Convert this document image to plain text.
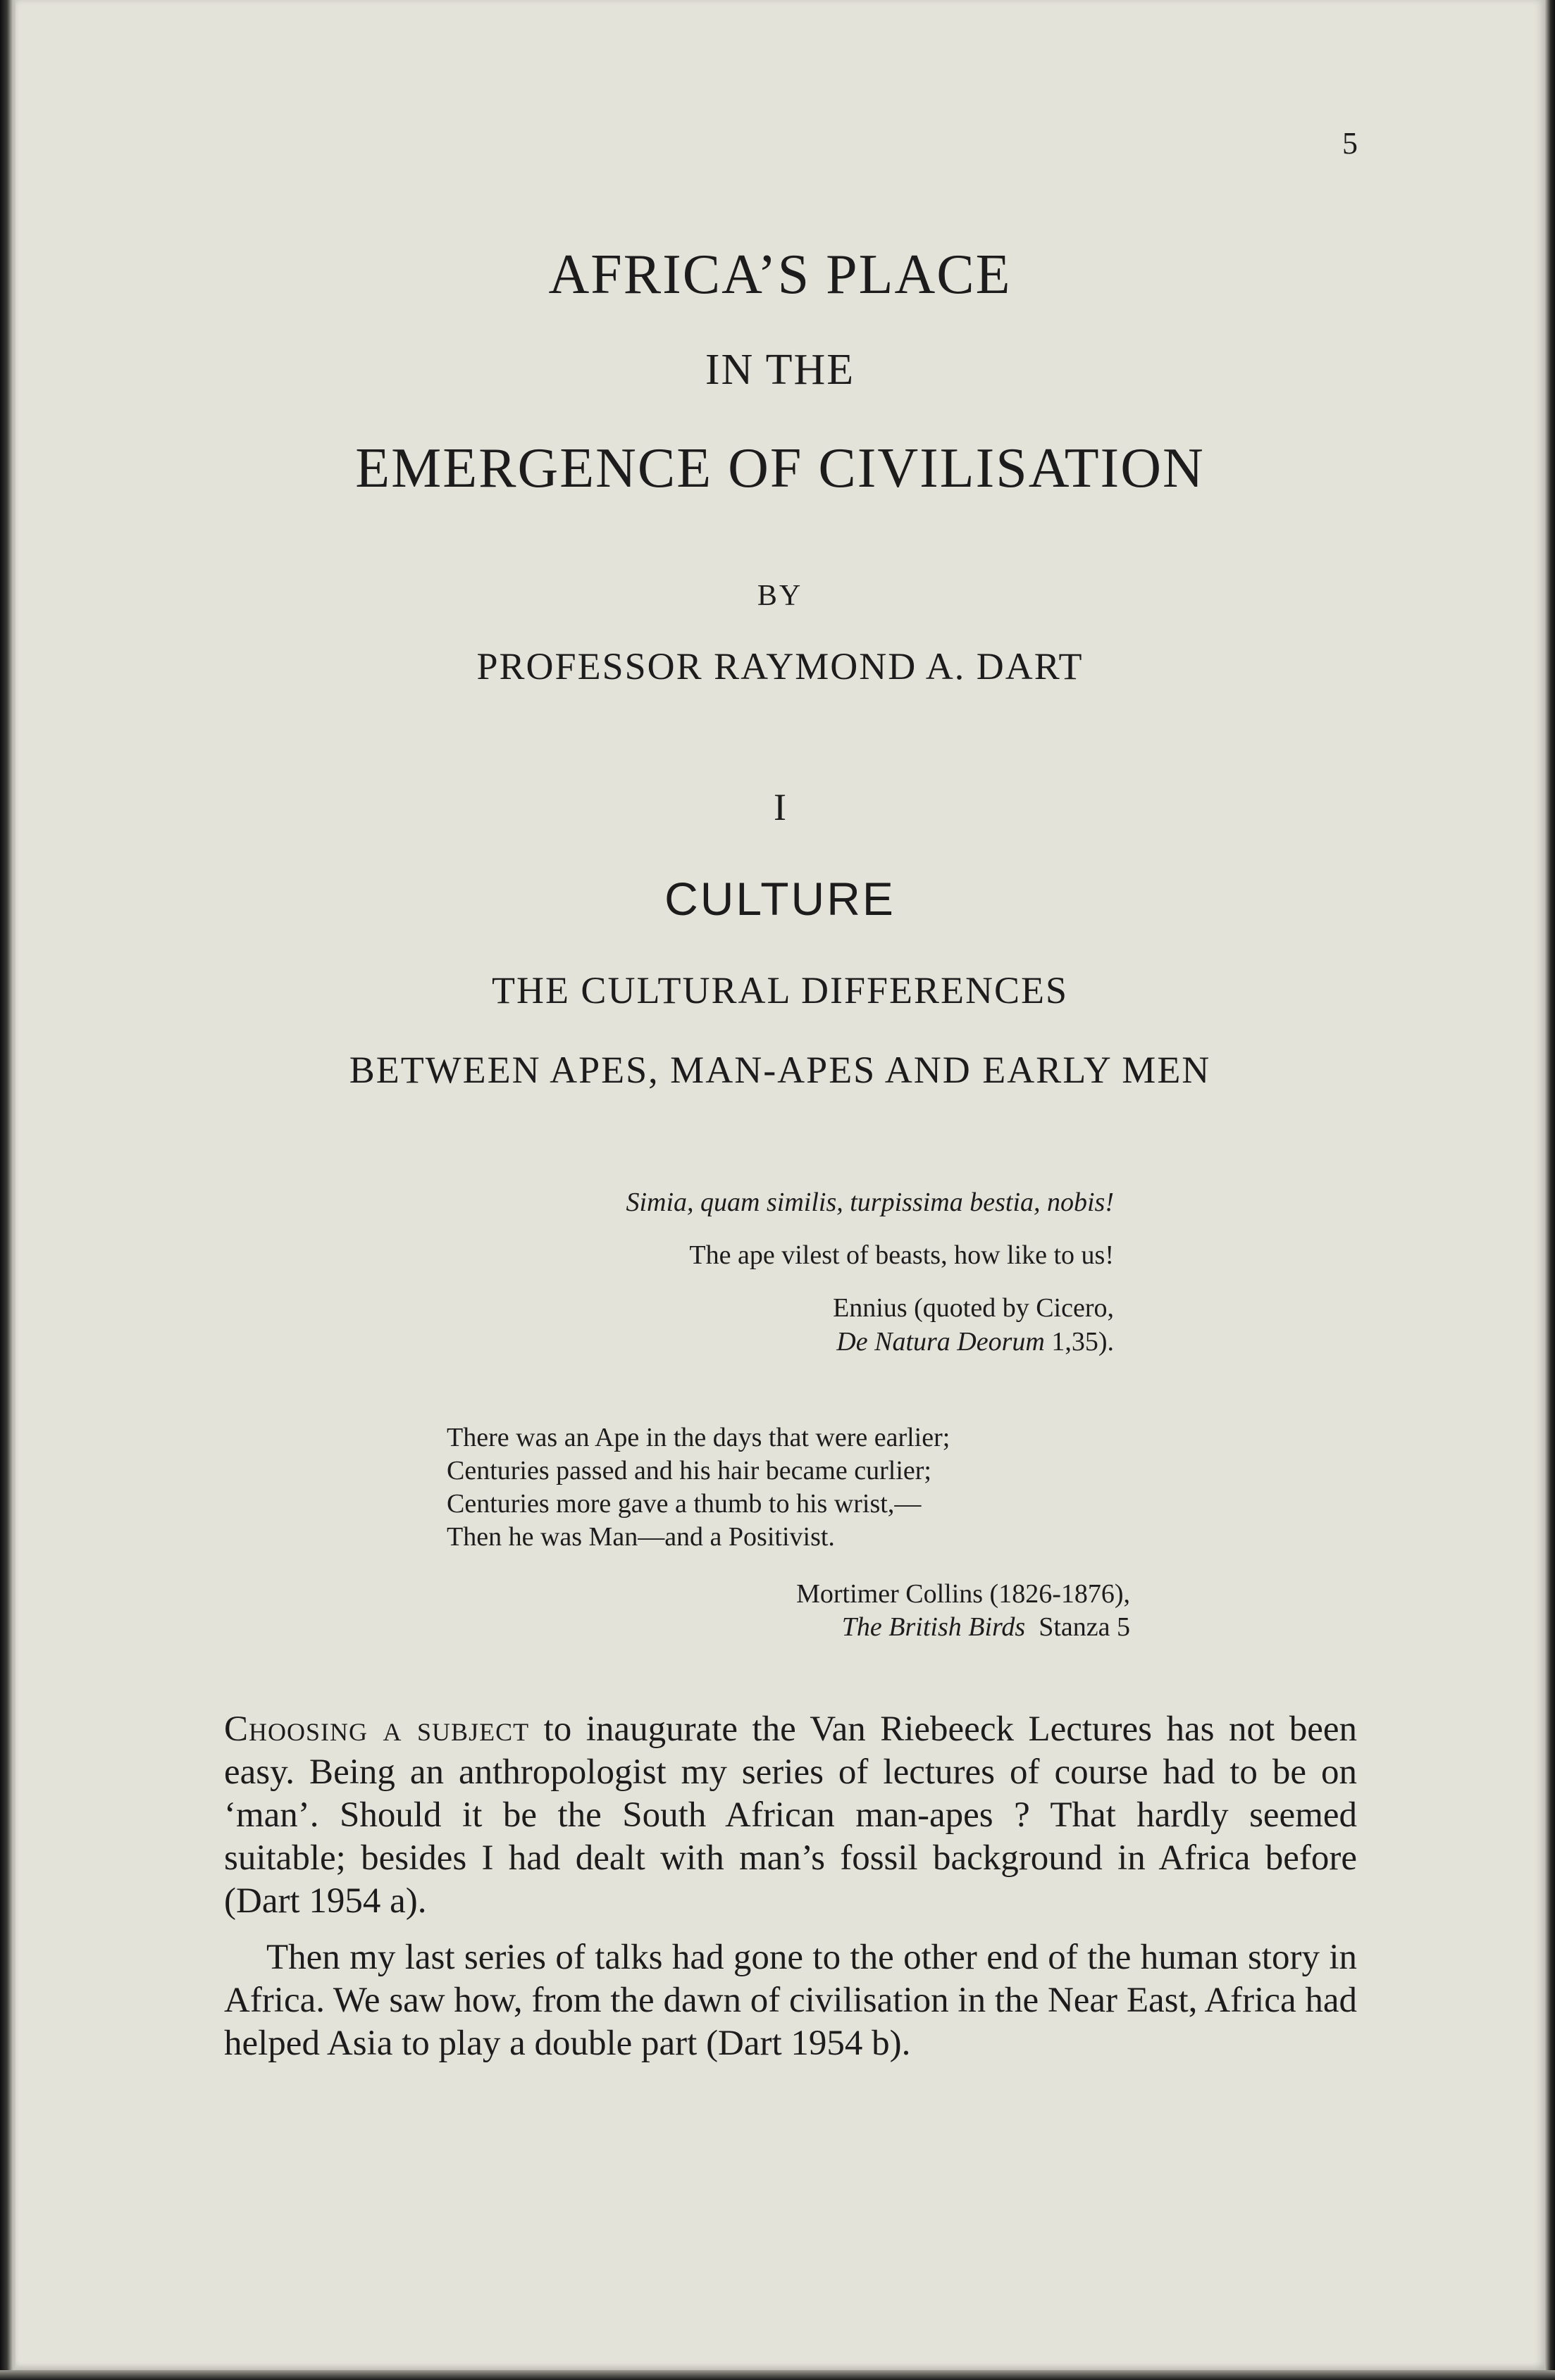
5
AFRICA’S PLACE
IN THE
EMERGENCE OF CIVILISATION
BY
PROFESSOR RAYMOND A. DART
I
CULTURE
THE CULTURAL DIFFERENCES
BETWEEN APES, MAN-APES AND EARLY MEN
Simia, quam similis, turpissima bestia, nobis!
The ape vilest of beasts, how like to us!
Ennius (quoted by Cicero,
De Natura Deorum 1,35).
There was an Ape in the days that were earlier;
Centuries passed and his hair became curlier;
Centuries more gave a thumb to his wrist,—
Then he was Man—and a Positivist.
Mortimer Collins (1826-1876),
The British Birds  Stanza 5
Choosing a subject to inaugurate the Van Riebeeck Lectures has not been easy. Being an anthropologist my series of lectures of course had to be on ‘man’. Should it be the South African man-apes ? That hardly seemed suitable; besides I had dealt with man’s fossil background in Africa before (Dart 1954 a).
Then my last series of talks had gone to the other end of the human story in Africa. We saw how, from the dawn of civilisation in the Near East, Africa had helped Asia to play a double part (Dart 1954 b).
